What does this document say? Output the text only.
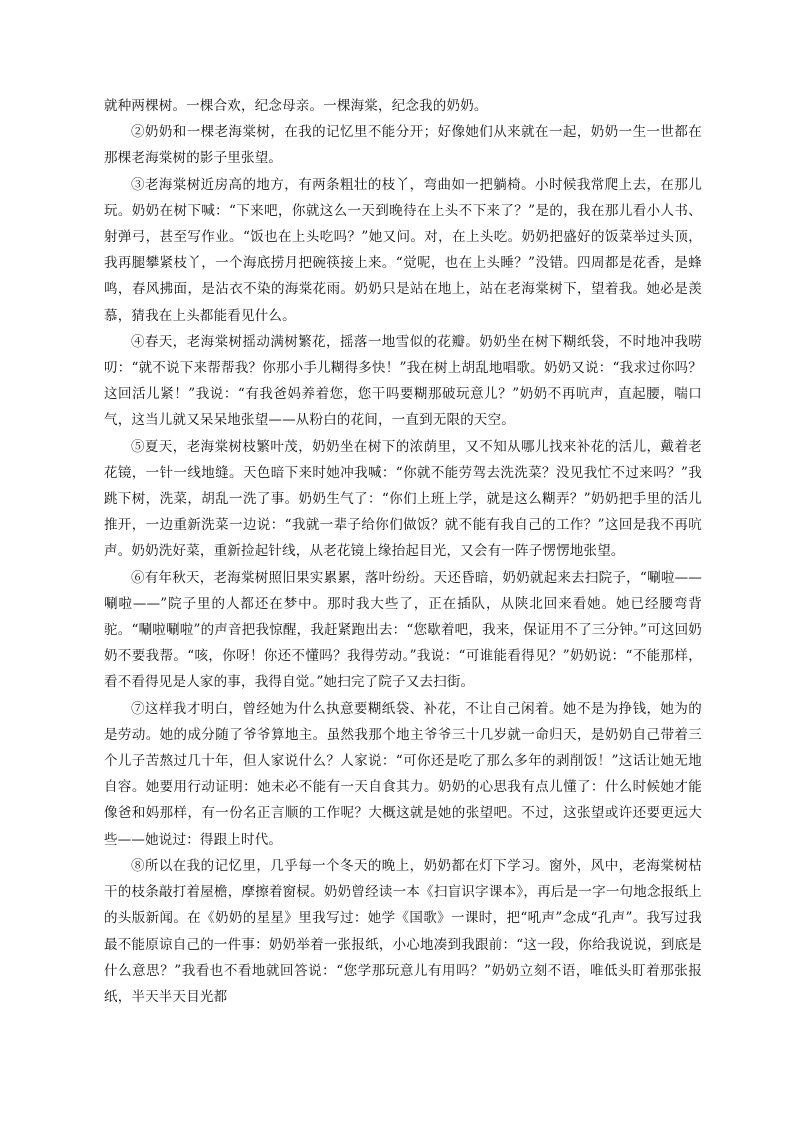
就种两棵树。一棵合欢，纪念母亲。一棵海棠，纪念我的奶奶。

②奶奶和一棵老海棠树，在我的记忆里不能分开；好像她们从来就在一起，奶奶一生一世都在那棵老海棠树的影子里张望。

③老海棠树近房高的地方，有两条粗壮的枝丫，弯曲如一把躺椅。小时候我常爬上去，在那儿玩。奶奶在树下喊：“下来吧，你就这么一天到晚待在上头不下来了？”是的，我在那儿看小人书、射弹弓，甚至写作业。“饭也在上头吃吗？”她又问。对，在上头吃。奶奶把盛好的饭菜举过头顶，我再腿攀紧枝丫，一个海底捞月把碗筷接上来。“觉呢，也在上头睡？”没错。四周都是花香，是蜂鸣，春风拂面，是沾衣不染的海棠花雨。奶奶只是站在地上，站在老海棠树下，望着我。她必是羡慕，猜我在上头都能看见什么。

④春天，老海棠树摇动满树繁花，摇落一地雪似的花瓣。奶奶坐在树下糊纸袋，不时地冲我唠叨：“就不说下来帮帮我？你那小手儿糊得多快！”我在树上胡乱地唱歌。奶奶又说：“我求过你吗？这回活儿紧！”我说：“有我爸妈养着您，您干吗要糊那破玩意儿？”奶奶不再吭声，直起腰，喘口气，这当儿就又呆呆地张望——从粉白的花间，一直到无限的天空。

⑤夏天，老海棠树枝繁叶茂，奶奶坐在树下的浓荫里，又不知从哪儿找来补花的活儿，戴着老花镜，一针一线地缝。天色暗下来时她冲我喊：“你就不能劳驾去洗洗菜？没见我忙不过来吗？”我跳下树，洗菜，胡乱一洗了事。奶奶生气了：“你们上班上学，就是这么糊弄？”奶奶把手里的活儿推开，一边重新洗菜一边说：“我就一辈子给你们做饭？就不能有我自己的工作？”这回是我不再吭声。奶奶洗好菜，重新捡起针线，从老花镜上缘抬起目光，又会有一阵子愣愣地张望。

⑥有年秋天，老海棠树照旧果实累累，落叶纷纷。天还昏暗，奶奶就起来去扫院子，“唰啦——唰啦——”院子里的人都还在梦中。那时我大些了，正在插队，从陕北回来看她。她已经腰弯背驼。“唰啦唰啦”的声音把我惊醒，我赶紧跑出去：“您歇着吧，我来，保证用不了三分钟。”可这回奶奶不要我帮。“咳，你呀！你还不懂吗？我得劳动。”我说：“可谁能看得见？”奶奶说：“不能那样，看不看得见是人家的事，我得自觉。”她扫完了院子又去扫街。

⑦这样我才明白，曾经她为什么执意要糊纸袋、补花，不让自己闲着。她不是为挣钱，她为的是劳动。她的成分随了爷爷算地主。虽然我那个地主爷爷三十几岁就一命归天，是奶奶自己带着三个儿子苦熬过几十年，但人家说什么？人家说：“可你还是吃了那么多年的剥削饭！”这话让她无地自容。她要用行动证明：她未必不能有一天自食其力。奶奶的心思我有点儿懂了：什么时候她才能像爸和妈那样，有一份名正言顺的工作呢？大概这就是她的张望吧。不过，这张望或许还要更远大些——她说过：得跟上时代。

⑧所以在我的记忆里，几乎每一个冬天的晚上，奶奶都在灯下学习。窗外，风中，老海棠树枯干的枝条敲打着屋檐，摩擦着窗棂。奶奶曾经读一本《扫盲识字课本》，再后是一字一句地念报纸上的头版新闻。在《奶奶的星星》里我写过：她学《国歌》一课时，把“吼声”念成“孔声”。我写过我最不能原谅自己的一件事：奶奶举着一张报纸，小心地凑到我跟前：“这一段，你给我说说，到底是什么意思？”我看也不看地就回答说：“您学那玩意儿有用吗？”奶奶立刻不语，唯低头盯着那张报纸，半天半天目光都
